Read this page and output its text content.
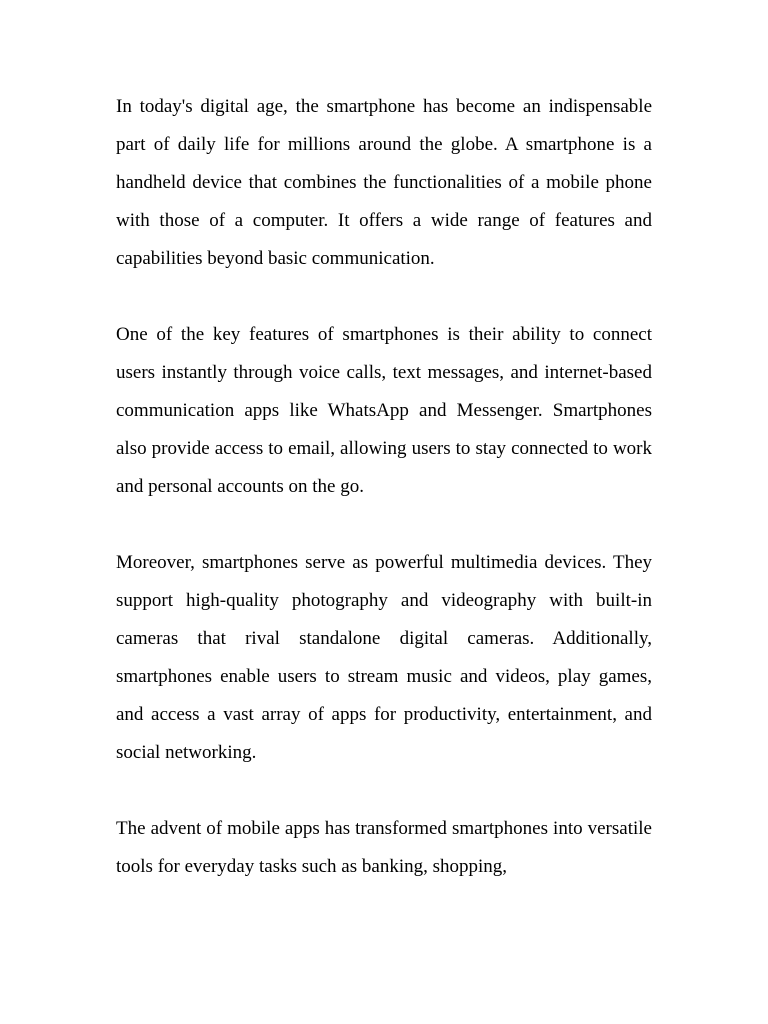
In today's digital age, the smartphone has become an indispensable part of daily life for millions around the globe. A smartphone is a handheld device that combines the functionalities of a mobile phone with those of a computer. It offers a wide range of features and capabilities beyond basic communication.

One of the key features of smartphones is their ability to connect users instantly through voice calls, text messages, and internet-based communication apps like WhatsApp and Messenger. Smartphones also provide access to email, allowing users to stay connected to work and personal accounts on the go.

Moreover, smartphones serve as powerful multimedia devices. They support high-quality photography and videography with built-in cameras that rival standalone digital cameras. Additionally, smartphones enable users to stream music and videos, play games, and access a vast array of apps for productivity, entertainment, and social networking.

The advent of mobile apps has transformed smartphones into versatile tools for everyday tasks such as banking, shopping,
